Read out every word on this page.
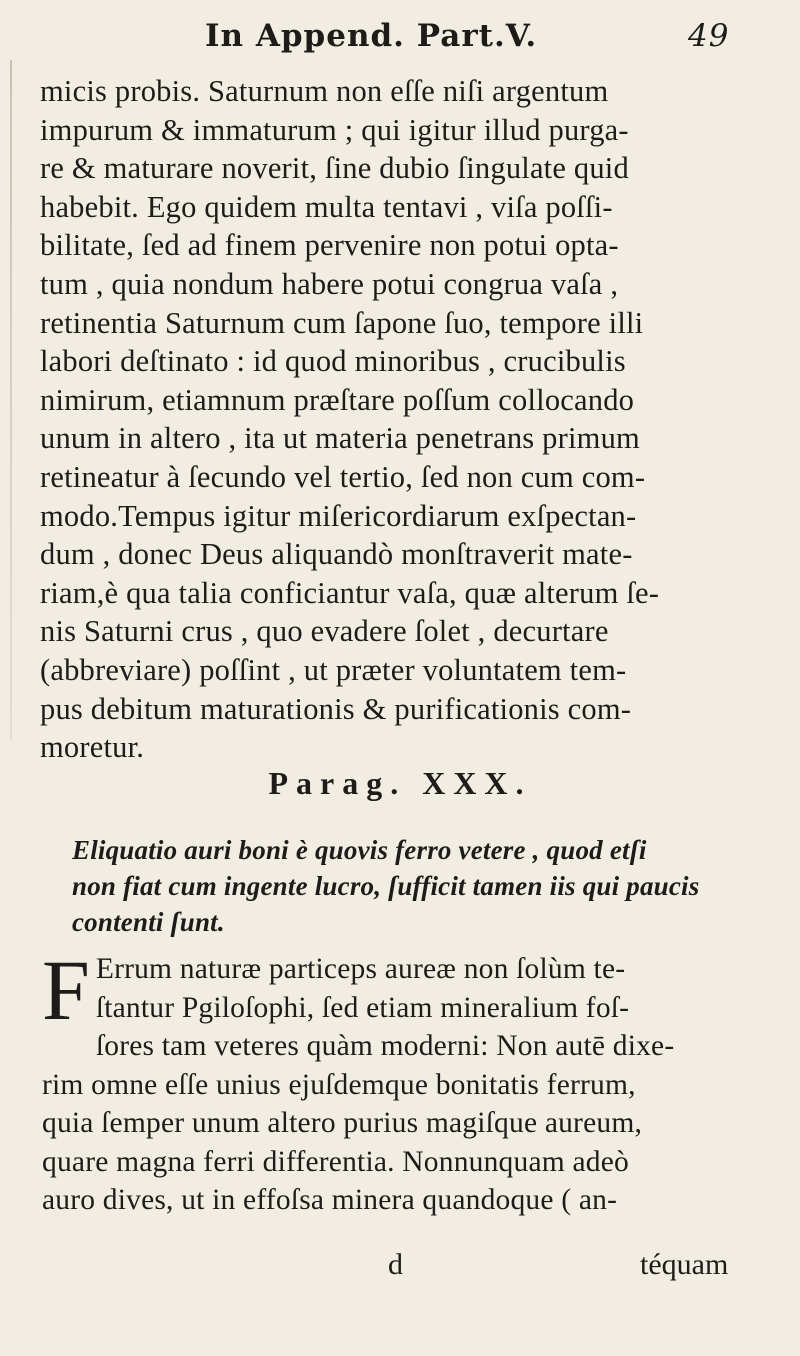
In Append. Part.V.	49
micis probis. Saturnum non eſſe niſi argentum
impurum & immaturum ; qui igitur illud purga-
re & maturare noverit, ſine dubio ſingulate quid
habebit. Ego quidem multa tentavi , viſa poſſi-
bilitate, ſed ad finem pervenire non potui opta-
tum , quia nondum habere potui congrua vaſa ,
retinentia Saturnum cum ſapone ſuo, tempore illi
labori deſtinato : id quod minoribus , crucibulis
nimirum, etiamnum præſtare poſſum collocando
unum in altero , ita ut materia penetrans primum
retineatur à ſecundo vel tertio, ſed non cum com-
modo.Tempus igitur miſericordiarum exſpectan-
dum , donec Deus aliquandò monſtraverit mate-
riam,è qua talia conficiantur vaſa, quæ alterum ſe-
nis Saturni crus , quo evadere ſolet , decurtare
(abbreviare) poſſint , ut præter voluntatem tem-
pus debitum maturationis & purificationis com-
moretur.
Parag. XXX.
Eliquatio auri boni è quovis ferro vetere , quod etſi
non fiat cum ingente lucro, ſufficit tamen iis qui paucis
contenti ſunt.
F Errum naturæ particeps aureæ non ſolùm te-
ſtantur Pgiloſophi, ſed etiam mineralium foſ-
ſores tam veteres quàm moderni: Non autē dixe-
rim omne eſſe unius ejuſdemque bonitatis ferrum,
quia ſemper unum altero purius magiſque aureum,
quare magna ferri differentia. Nonnunquam adeò
auro dives, ut in effoſsa minera quandoque ( an-
d	téquam
